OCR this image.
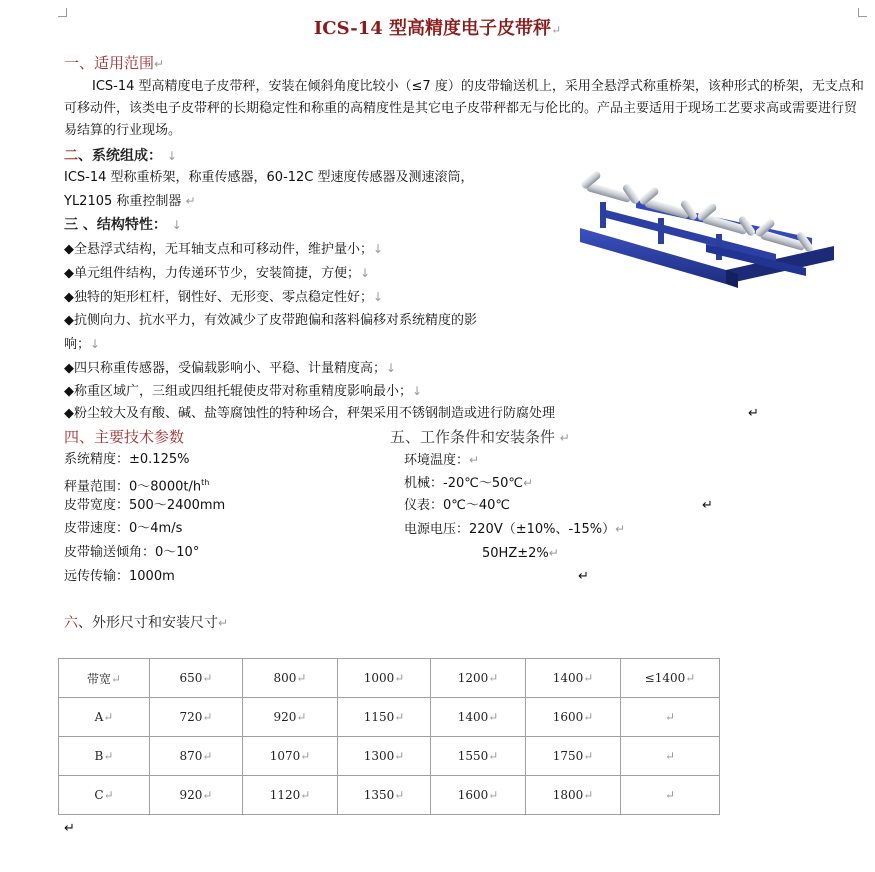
ICS-14 型高精度电子皮带秤↵
一、适用范围↵
ICS-14 型高精度电子皮带秤，安装在倾斜角度比较小（≤7 度）的皮带输送机上，采用全悬浮式称重桥架，该种形式的桥架，无支点和可移动件，该类电子皮带秤的长期稳定性和称重的高精度性是其它电子皮带秤都无与伦比的。产品主要适用于现场工艺要求高或需要进行贸易结算的行业现场。
二、系统组成： ↓
ICS-14 型称重桥架，称重传感器，60-12C 型速度传感器及测速滚筒，
YL2105 称重控制器 ↵
三 、结构特性： ↓
◆全悬浮式结构，无耳轴支点和可移动件，维护量小；↓
◆单元组件结构，力传递环节少，安装简捷，方便；↓
◆独特的矩形杠杆，钢性好、无形变、零点稳定性好；↓
◆抗侧向力、抗水平力，有效减少了皮带跑偏和落料偏移对系统精度的影
响；↓
◆四只称重传感器，受偏载影响小、平稳、计量精度高；↓
◆称重区域广，三组或四组托辊使皮带对称重精度影响最小；↓
◆粉尘较大及有酸、碱、盐等腐蚀性的特种场合，秤架采用不锈钢制造或进行防腐处理	↵
四、主要技术参数
系统精度：±0.125%
秤量范围：$0\sim 8000t/h^{th}$
皮带宽度：500～2400mm
皮带速度：0～4m/s
皮带输送倾角：0～10°
远传传输：1000m	↵
五、工作条件和安装条件 ↵
环境温度：↵
机械：-20℃～50℃↵
仪表：0℃～40℃	↵
电源电压：220V（±10%、-15%）↵
50HZ±2%↵
六、外形尺寸和安装尺寸↵
带宽↵	650↵	800↵	1000↵	1200↵	1400↵	≤1400↵
A↵	720↵	920↵	1150↵	1400↵	1600↵	↵
B↵	870↵	1070↵	1300↵	1550↵	1750↵	↵
C↵	920↵	1120↵	1350↵	1600↵	1800↵	↵
↵
